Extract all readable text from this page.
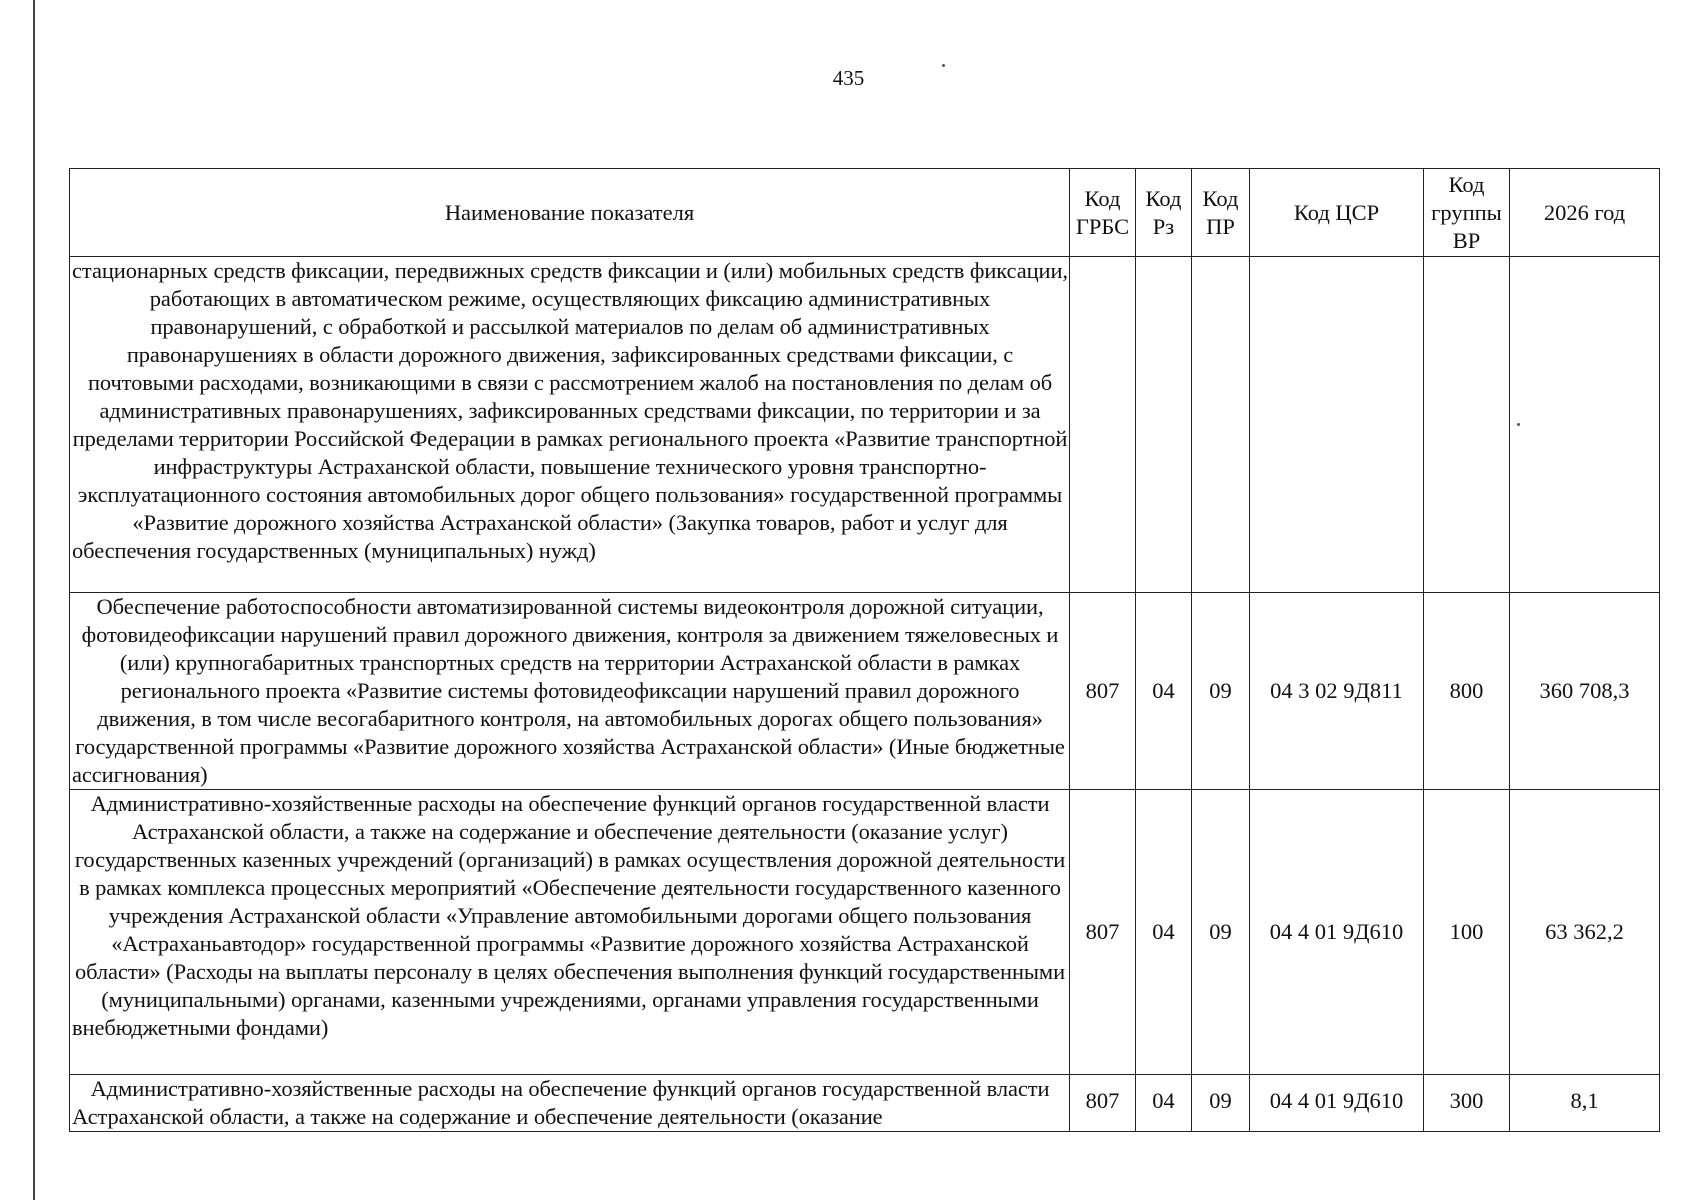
435
Наименование показателя	Код ГРБС	Код Рз	Код ПР	Код ЦСР	Код группы ВР	2026 год
стационарных средств фиксации, передвижных средств фиксации и (или) мобильных средств фиксации, работающих в автоматическом режиме, осуществляющих фиксацию административных правонарушений, с обработкой и рассылкой материалов по делам об административных правонарушениях в области дорожного движения, зафиксированных средствами фиксации, с почтовыми расходами, возникающими в связи с рассмотрением жалоб на постановления по делам об административных правонарушениях, зафиксированных средствами фиксации, по территории и за пределами территории Российской Федерации в рамках регионального проекта «Развитие транспортной инфраструктуры Астраханской области, повышение технического уровня транспортно-эксплуатационного состояния автомобильных дорог общего пользования» государственной программы «Развитие дорожного хозяйства Астраханской области» (Закупка товаров, работ и услуг для обеспечения государственных (муниципальных) нужд)						
Обеспечение работоспособности автоматизированной системы видеоконтроля дорожной ситуации, фотовидеофиксации нарушений правил дорожного движения, контроля за движением тяжеловесных и (или) крупногабаритных транспортных средств на территории Астраханской области в рамках регионального проекта «Развитие системы фотовидеофиксации нарушений правил дорожного движения, в том числе весогабаритного контроля, на автомобильных дорогах общего пользования» государственной программы «Развитие дорожного хозяйства Астраханской области» (Иные бюджетные ассигнования)	807	04	09	04 3 02 9Д811	800	360 708,3
Административно-хозяйственные расходы на обеспечение функций органов государственной власти Астраханской области, а также на содержание и обеспечение деятельности (оказание услуг) государственных казенных учреждений (организаций) в рамках осуществления дорожной деятельности в рамках комплекса процессных мероприятий «Обеспечение деятельности государственного казенного учреждения Астраханской области «Управление автомобильными дорогами общего пользования «Астраханьавтодор» государственной программы «Развитие дорожного хозяйства Астраханской области» (Расходы на выплаты персоналу в целях обеспечения выполнения функций государственными (муниципальными) органами, казенными учреждениями, органами управления государственными внебюджетными фондами)	807	04	09	04 4 01 9Д610	100	63 362,2
Административно-хозяйственные расходы на обеспечение функций органов государственной власти Астраханской области, а также на содержание и обеспечение деятельности (оказание	807	04	09	04 4 01 9Д610	300	8,1
